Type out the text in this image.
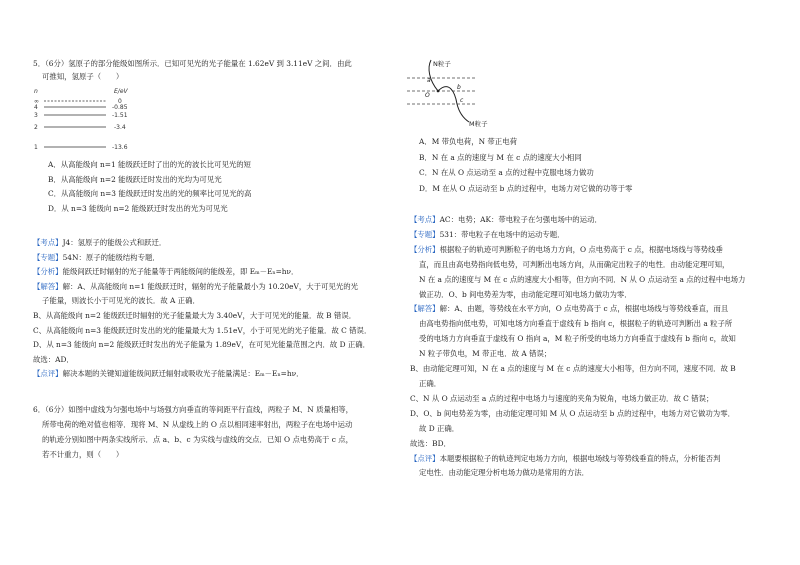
5．（6分）氢原子的部分能级如图所示．已知可见光的光子能量在 1.62eV 到 3.11eV 之间．由此
可推知，氢原子（　　）
n	E/eV
∞	0
4	-0.85
3	-1.51
2	-3.4
1	-13.6
A．从高能级向 n=1 能级跃迁时了出的光的波长比可见光的短
B．从高能级向 n=2 能级跃迁时发出的光均为可见光
C．从高能级向 n=3 能级跃迁时发出的光的频率比可见光的高
D．从 n=3 能级向 n=2 能级跃迁时发出的光为可见光
【考点】J4：氢原子的能级公式和跃迁．
【专题】54N：原子的能级结构专题．
【分析】能级间跃迁时辐射的光子能量等于两能级间的能级差，即 Eₘ－Eₙ=hν．
【解答】解：A、从高能级向 n=1 能级跃迁时，辐射的光子能量最小为 10.20eV，大于可见光的光
子能量，则波长小于可见光的波长．故 A 正确．
B、从高能级向 n=2 能级跃迁时辐射的光子能量最大为 3.40eV，大于可见光的能量．故 B 错误．
C、从高能级向 n=3 能级跃迁时发出的光的能量最大为 1.51eV，小于可见光的光子能量．故 C 错误．
D、从 n=3 能级向 n=2 能级跃迁时发出的光子能量为 1.89eV，在可见光能量范围之内．故 D 正确．
故选：AD．
【点评】解决本题的关键知道能级间跃迁辐射或吸收光子能量满足：Eₘ－Eₙ=hν．
6．（6分）如图中虚线为匀强电场中与场强方向垂直的等间距平行直线，两粒子 M、N 质量相等，
所带电荷的绝对值也相等．现将 M、N 从虚线上的 O 点以相同速率射出，两粒子在电场中运动
的轨迹分别如图中两条实线所示．点 a、b、c 为实线与虚线的交点．已知 O 点电势高于 c 点，
若不计重力，则（　　）
O
a
b
c
N粒子
M粒子
A．M 带负电荷，N 带正电荷
B．N 在 a 点的速度与 M 在 c 点的速度大小相同
C．N 在从 O 点运动至 a 点的过程中克服电场力做功
D．M 在从 O 点运动至 b 点的过程中，电场力对它做的功等于零
【考点】AC：电势；AK：带电粒子在匀强电场中的运动．
【专题】531：带电粒子在电场中的运动专题．
【分析】根据粒子的轨迹可判断粒子的电场力方向，O 点电势高于 c 点，根据电场线与等势线垂
直，而且由高电势指向低电势，可判断出电场方向，从而确定出粒子的电性．由动能定理可知，
N 在 a 点的速度与 M 在 c 点的速度大小相等，但方向不同．N 从 O 点运动至 a 点的过程中电场力
做正功．O、b 间电势差为零，由动能定理可知电场力做功为零．
【解答】解：A、由题，等势线在水平方向，O 点电势高于 c 点，根据电场线与等势线垂直，而且
由高电势指向低电势，可知电场方向垂直于虚线有 b 指向 c，根据粒子的轨迹可判断出 a 粒子所
受的电场力方向垂直于虚线有 O 指向 a，M 粒子所受的电场力方向垂直于虚线有 b 指向 c，故知
N 粒子带负电，M 带正电．故 A 错误；
B、由动能定理可知，N 在 a 点的速度与 M 在 c 点的速度大小相等，但方向不同，速度不同．故 B
正确．
C、N 从 O 点运动至 a 点的过程中电场力与速度的夹角为锐角，电场力做正功．故 C 错误；
D、O、b 间电势差为零，由动能定理可知 M 从 O 点运动至 b 点的过程中，电场力对它做功为零．
故 D 正确．
故选：BD．
【点评】本题要根据粒子的轨迹判定电场力方向，根据电场线与等势线垂直的特点，分析能否判
定电性．由动能定理分析电场力做功是常用的方法．
